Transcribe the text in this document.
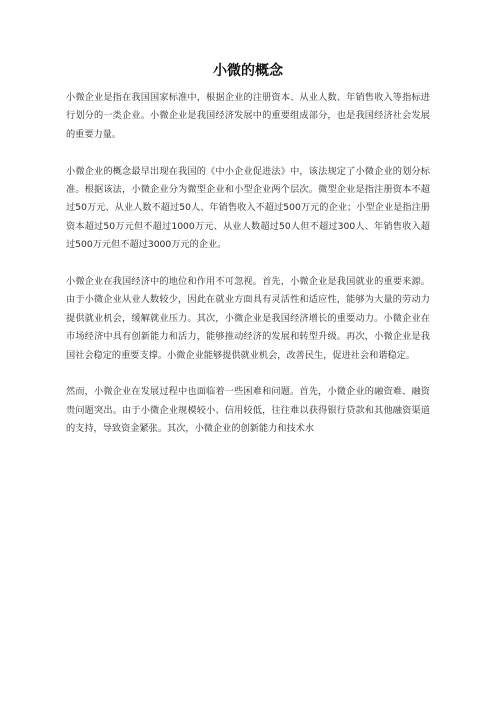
小微的概念

小微企业是指在我国国家标准中，根据企业的注册资本、从业人数、年销售收入等指标进行划分的一类企业。小微企业是我国经济发展中的重要组成部分，也是我国经济社会发展的重要力量。

小微企业的概念最早出现在我国的《中小企业促进法》中，该法规定了小微企业的划分标准。根据该法，小微企业分为微型企业和小型企业两个层次。微型企业是指注册资本不超过50万元、从业人数不超过50人、年销售收入不超过500万元的企业；小型企业是指注册资本超过50万元但不超过1000万元、从业人数超过50人但不超过300人、年销售收入超过500万元但不超过3000万元的企业。

小微企业在我国经济中的地位和作用不可忽视。首先，小微企业是我国就业的重要来源。由于小微企业从业人数较少，因此在就业方面具有灵活性和适应性，能够为大量的劳动力提供就业机会，缓解就业压力。其次，小微企业是我国经济增长的重要动力。小微企业在市场经济中具有创新能力和活力，能够推动经济的发展和转型升级。再次，小微企业是我国社会稳定的重要支撑。小微企业能够提供就业机会，改善民生，促进社会和谐稳定。

然而，小微企业在发展过程中也面临着一些困难和问题。首先，小微企业的融资难、融资贵问题突出。由于小微企业规模较小、信用较低，往往难以获得银行贷款和其他融资渠道的支持，导致资金紧张。其次，小微企业的创新能力和技术水
